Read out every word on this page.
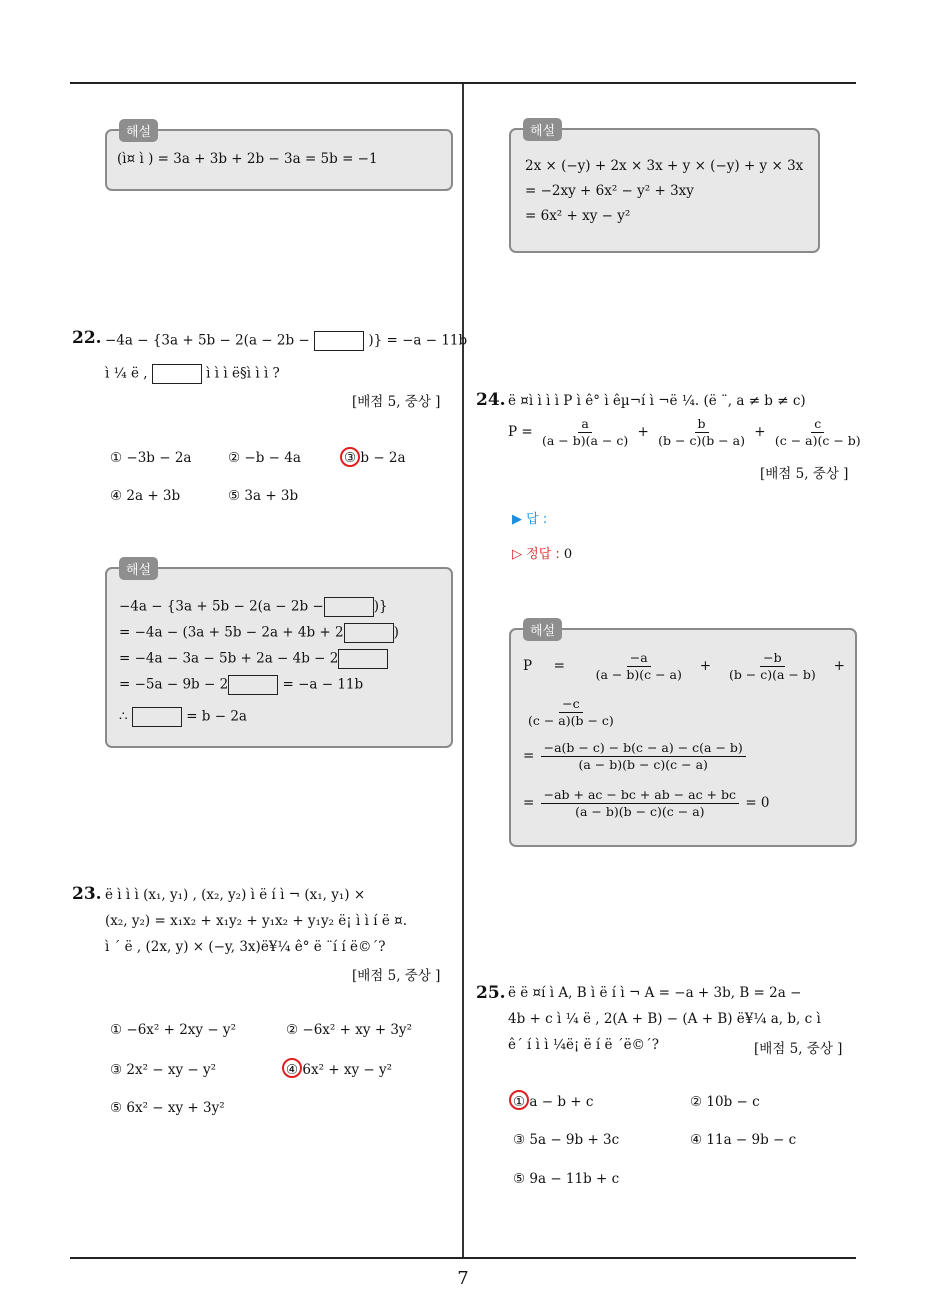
해설
(ì¤ ì ) = 3a + 3b + 2b − 3a = 5b = −1
해설
2x × (−y) + 2x × 3x + y × (−y) + y × 3x
= −2xy + 6x² − y² + 3xy
= 6x² + xy − y²
22. −4a − {3a + 5b − 2(a − 2b −	)} = −a − 11b
ì ¼ ë ,	ì ì ì ë§ì ì ì ?
[배점 5, 중상 ]
① −3b − 2a	② −b − 4a	③ b − 2a
④ 2a + 3b	⑤ 3a + 3b
해설
−4a − {3a + 5b − 2(a − 2b −	)}
= −4a − (3a + 5b − 2a + 4b + 2	)
= −4a − 3a − 5b + 2a − 4b − 2
= −5a − 9b − 2	= −a − 11b
∴	= b − 2a
23. ë ì ì ì (x₁, y₁) , (x₂, y₂) ì ë í ì ¬ (x₁, y₁) ×
(x₂, y₂) = x₁x₂ + x₁y₂ + y₁x₂ + y₁y₂ ë¡ ì ì í ë ¤.
ì ´ ë , (2x, y) × (−y, 3x)ë¥¼ ê° ë ¨í í ë©´?
[배점 5, 중상 ]
① −6x² + 2xy − y²	② −6x² + xy + 3y²
③ 2x² − xy − y²	④ 6x² + xy − y²
⑤ 6x² − xy + 3y²
24. ë ¤ì ì ì ì P ì ê° ì êµ¬í ì ¬ë ¼. (ë ¨, a ≠ b ≠ c)
$P = \frac{a}{(a - b)(a - c)} + \frac{b}{(b - c)(b - a)} + \frac{c}{(c - a)(c - b)}$
[배점 5, 중상 ]
▶ 답 :
▷ 정답 : 0
해설
$P = \frac{-a}{(a - b)(c - a)} + \frac{-b}{(b - c)(a - b)}$ +
$\frac{-c}{(c - a)(b - c)}$
= $\frac{-a(b - c) - b(c - a) - c(a - b)}{(a - b)(b - c)(c - a)}$
= $\frac{-ab + ac - bc + ab - ac + bc}{(a - b)(b - c)(c - a)} = 0$
25. ë ë ¤í ì A, B ì ë í ì ¬ A = −a + 3b, B = 2a −
4b + c ì ¼ ë , 2(A + B) − (A + B) ë¥¼ a, b, c ì
ê´ í ì ì ¼ë¡ ë í ë ´ë©´?	[배점 5, 중상 ]
① a − b + c	② 10b − c
③ 5a − 9b + 3c	④ 11a − 9b − c
⑤ 9a − 11b + c
7
